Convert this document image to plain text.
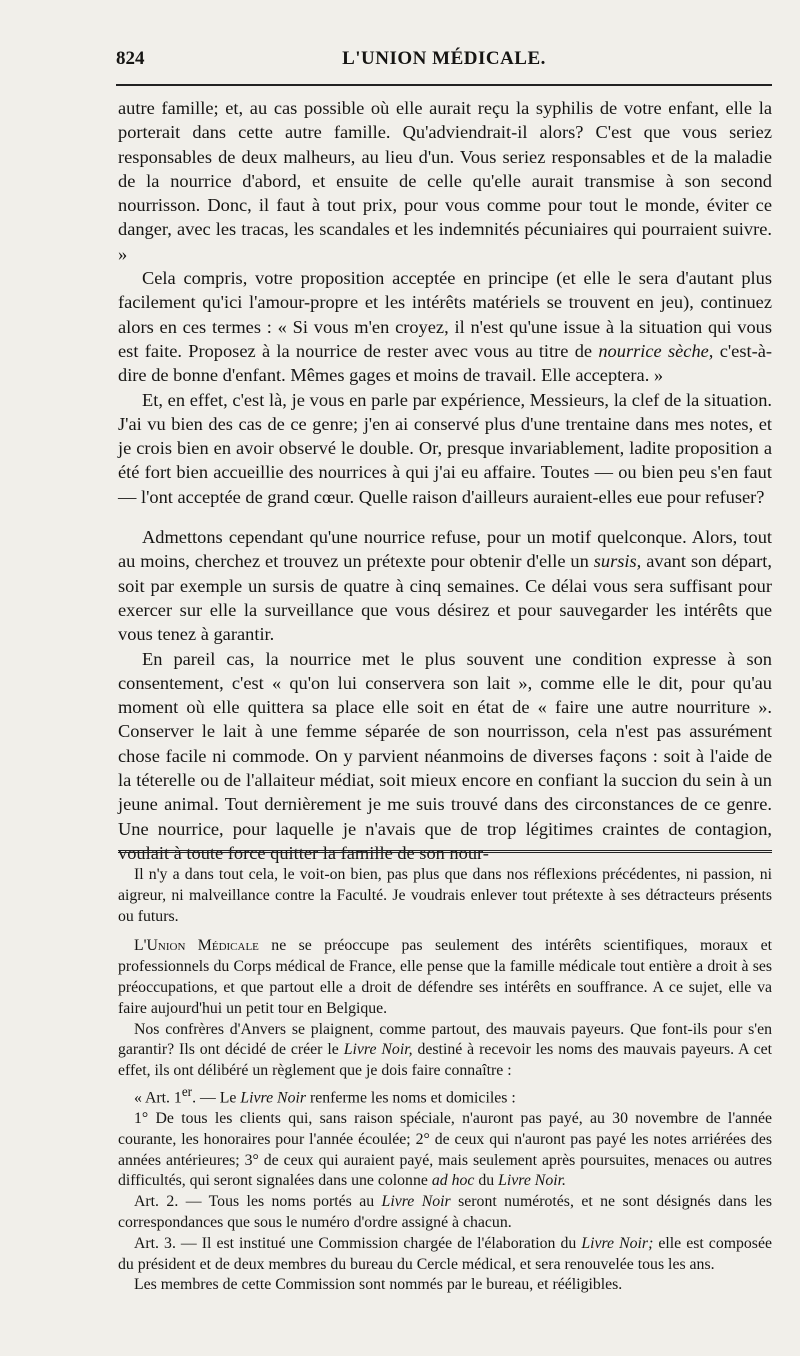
824	L'UNION MÉDICALE.

autre famille; et, au cas possible où elle aurait reçu la syphilis de votre enfant, elle la porterait dans cette autre famille. Qu'adviendrait-il alors? C'est que vous seriez responsables de deux malheurs, au lieu d'un. Vous seriez responsables et de la maladie de la nourrice d'abord, et ensuite de celle qu'elle aurait transmise à son second nourrisson. Donc, il faut à tout prix, pour vous comme pour tout le monde, éviter ce danger, avec les tracas, les scandales et les indemnités pécuniaires qui pourraient suivre. »

Cela compris, votre proposition acceptée en principe (et elle le sera d'autant plus facilement qu'ici l'amour-propre et les intérêts matériels se trouvent en jeu), continuez alors en ces termes : « Si vous m'en croyez, il n'est qu'une issue à la situation qui vous est faite. Proposez à la nourrice de rester avec vous au titre de nourrice sèche, c'est-à-dire de bonne d'enfant. Mêmes gages et moins de travail. Elle acceptera. »

Et, en effet, c'est là, je vous en parle par expérience, Messieurs, la clef de la situation. J'ai vu bien des cas de ce genre; j'en ai conservé plus d'une trentaine dans mes notes, et je crois bien en avoir observé le double. Or, presque invariablement, ladite proposition a été fort bien accueillie des nourrices à qui j'ai eu affaire. Toutes — ou bien peu s'en faut — l'ont acceptée de grand cœur. Quelle raison d'ailleurs auraient-elles eue pour refuser?

Admettons cependant qu'une nourrice refuse, pour un motif quelconque. Alors, tout au moins, cherchez et trouvez un prétexte pour obtenir d'elle un sursis, avant son départ, soit par exemple un sursis de quatre à cinq semaines. Ce délai vous sera suffisant pour exercer sur elle la surveillance que vous désirez et pour sauvegarder les intérêts que vous tenez à garantir.

En pareil cas, la nourrice met le plus souvent une condition expresse à son consentement, c'est « qu'on lui conservera son lait », comme elle le dit, pour qu'au moment où elle quittera sa place elle soit en état de « faire une autre nourriture ». Conserver le lait à une femme séparée de son nourrisson, cela n'est pas assurément chose facile ni commode. On y parvient néanmoins de diverses façons : soit à l'aide de la téterelle ou de l'allaiteur médiat, soit mieux encore en confiant la succion du sein à un jeune animal. Tout dernièrement je me suis trouvé dans des circonstances de ce genre. Une nourrice, pour laquelle je n'avais que de trop légitimes craintes de contagion, voulait à toute force quitter la famille de son nour-

Il n'y a dans tout cela, le voit-on bien, pas plus que dans nos réflexions précédentes, ni passion, ni aigreur, ni malveillance contre la Faculté. Je voudrais enlever tout prétexte à ses détracteurs présents ou futurs.

L'Union Médicale ne se préoccupe pas seulement des intérêts scientifiques, moraux et professionnels du Corps médical de France, elle pense que la famille médicale tout entière a droit à ses préoccupations, et que partout elle a droit de défendre ses intérêts en souffrance. A ce sujet, elle va faire aujourd'hui un petit tour en Belgique.

Nos confrères d'Anvers se plaignent, comme partout, des mauvais payeurs. Que font-ils pour s'en garantir? Ils ont décidé de créer le Livre Noir, destiné à recevoir les noms des mauvais payeurs. A cet effet, ils ont délibéré un règlement que je dois faire connaître :

« Art. 1er. — Le Livre Noir renferme les noms et domiciles :

1° De tous les clients qui, sans raison spéciale, n'auront pas payé, au 30 novembre de l'année courante, les honoraires pour l'année écoulée; 2° de ceux qui n'auront pas payé les notes arriérées des années antérieures; 3° de ceux qui auraient payé, mais seulement après poursuites, menaces ou autres difficultés, qui seront signalées dans une colonne ad hoc du Livre Noir.

Art. 2. — Tous les noms portés au Livre Noir seront numérotés, et ne sont désignés dans les correspondances que sous le numéro d'ordre assigné à chacun.

Art. 3. — Il est institué une Commission chargée de l'élaboration du Livre Noir; elle est composée du président et de deux membres du bureau du Cercle médical, et sera renouvelée tous les ans.

Les membres de cette Commission sont nommés par le bureau, et rééligibles.
